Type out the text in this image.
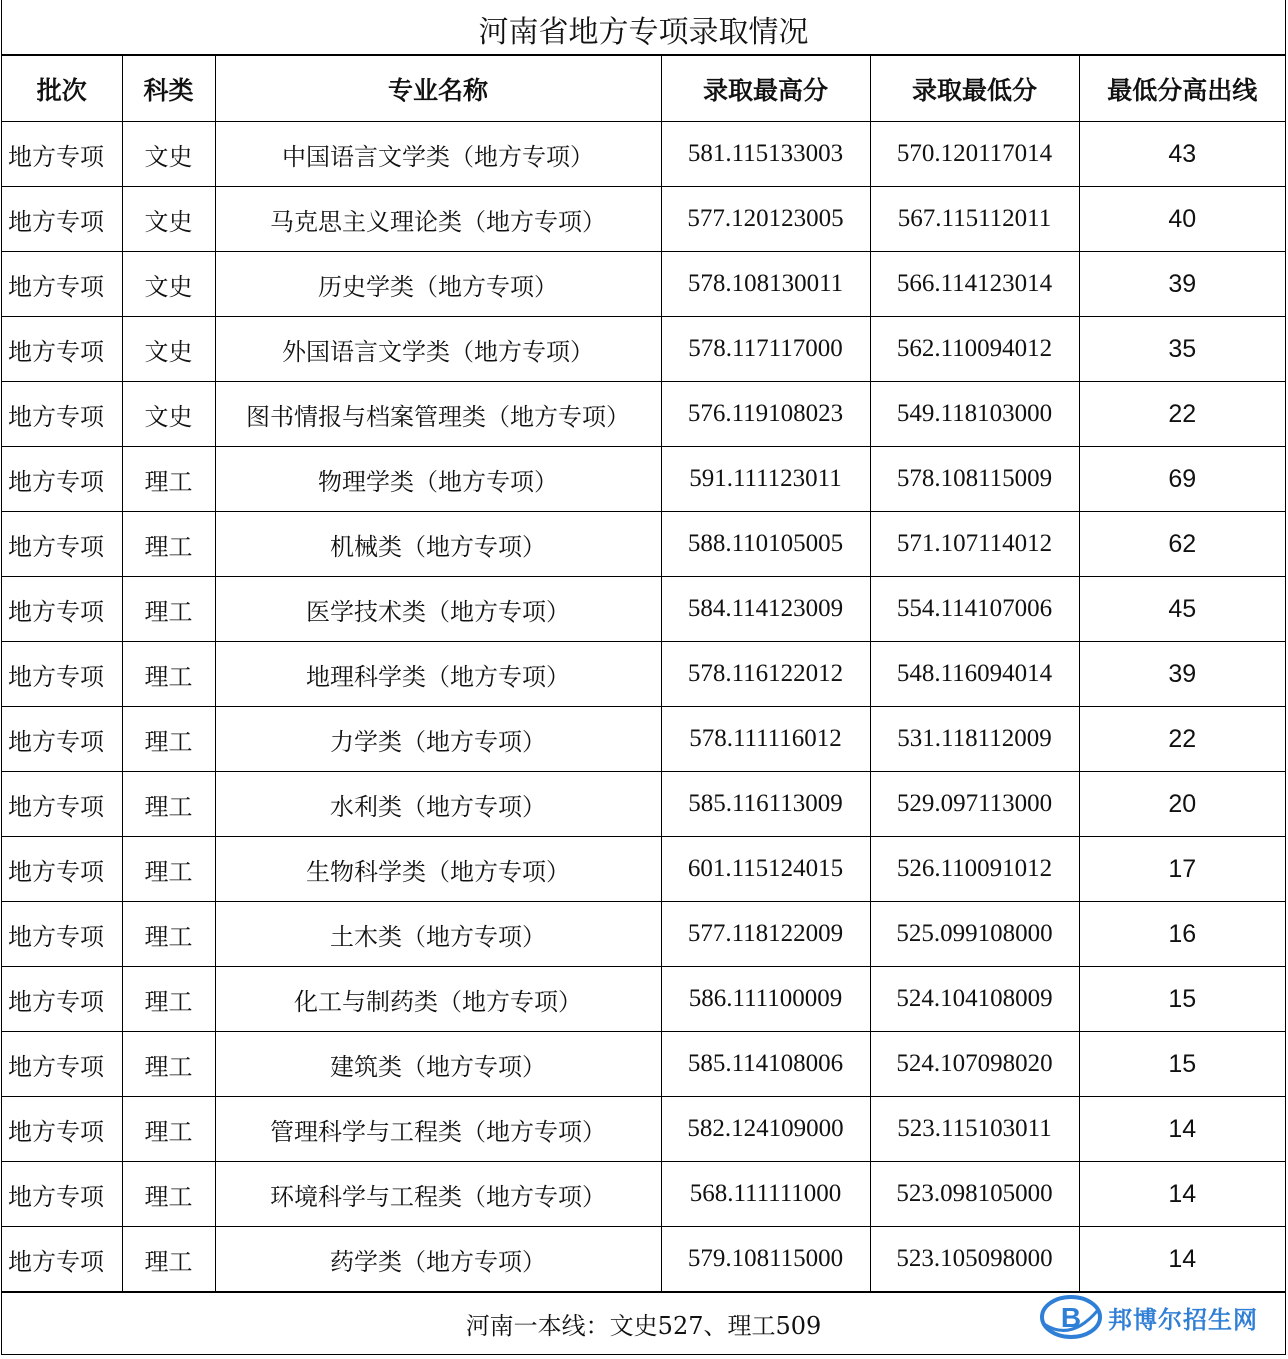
河南省地方专项录取情况
批次	科类	专业名称	录取最高分	录取最低分	最低分高出线
地方专项	文史	中国语言文学类（地方专项）	581.115133003	570.120117014	43
地方专项	文史	马克思主义理论类（地方专项）	577.120123005	567.115112011	40
地方专项	文史	历史学类（地方专项）	578.108130011	566.114123014	39
地方专项	文史	外国语言文学类（地方专项）	578.117117000	562.110094012	35
地方专项	文史	图书情报与档案管理类（地方专项）	576.119108023	549.118103000	22
地方专项	理工	物理学类（地方专项）	591.111123011	578.108115009	69
地方专项	理工	机械类（地方专项）	588.110105005	571.107114012	62
地方专项	理工	医学技术类（地方专项）	584.114123009	554.114107006	45
地方专项	理工	地理科学类（地方专项）	578.116122012	548.116094014	39
地方专项	理工	力学类（地方专项）	578.111116012	531.118112009	22
地方专项	理工	水利类（地方专项）	585.116113009	529.097113000	20
地方专项	理工	生物科学类（地方专项）	601.115124015	526.110091012	17
地方专项	理工	土木类（地方专项）	577.118122009	525.099108000	16
地方专项	理工	化工与制药类（地方专项）	586.111100009	524.104108009	15
地方专项	理工	建筑类（地方专项）	585.114108006	524.107098020	15
地方专项	理工	管理科学与工程类（地方专项）	582.124109000	523.115103011	14
地方专项	理工	环境科学与工程类（地方专项）	568.111111000	523.098105000	14
地方专项	理工	药学类（地方专项）	579.108115000	523.105098000	14
河南一本线：文史527、理工509	B 邦博尔招生网
